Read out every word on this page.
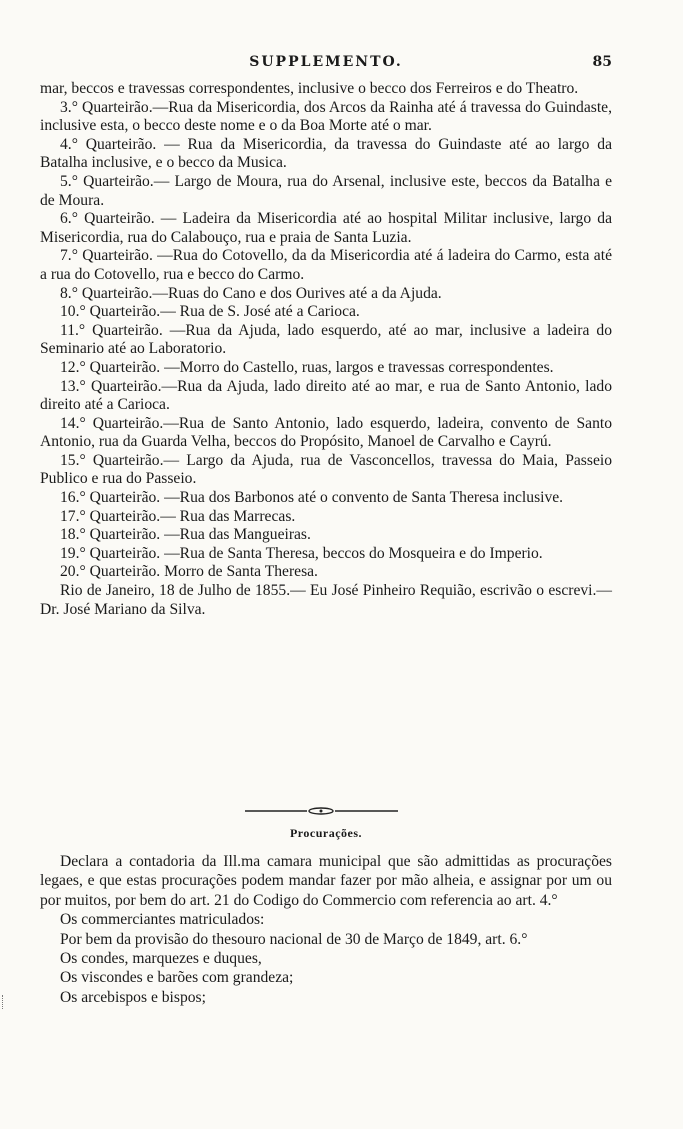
SUPPLEMENTO.	85

mar, beccos e travessas correspondentes, inclusive o becco dos Ferreiros e do Theatro.

3.° Quarteirão.—Rua da Misericordia, dos Arcos da Rainha até á travessa do Guindaste, inclusive esta, o becco deste nome e o da Boa Morte até o mar.

4.° Quarteirão. — Rua da Misericordia, da travessa do Guindaste até ao largo da Batalha inclusive, e o becco da Musica.

5.° Quarteirão.— Largo de Moura, rua do Arsenal, inclusive este, beccos da Batalha e de Moura.

6.° Quarteirão. — Ladeira da Misericordia até ao hospital Militar inclusive, largo da Misericordia, rua do Calabouço, rua e praia de Santa Luzia.

7.° Quarteirão. —Rua do Cotovello, da da Misericordia até á ladeira do Carmo, esta até a rua do Cotovello, rua e becco do Carmo.

8.° Quarteirão.—Ruas do Cano e dos Ourives até a da Ajuda.

10.° Quarteirão.— Rua de S. José até a Carioca.

11.° Quarteirão. —Rua da Ajuda, lado esquerdo, até ao mar, inclusive a ladeira do Seminario até ao Laboratorio.

12.° Quarteirão. —Morro do Castello, ruas, largos e travessas correspondentes.

13.° Quarteirão.—Rua da Ajuda, lado direito até ao mar, e rua de Santo Antonio, lado direito até a Carioca.

14.° Quarteirão.—Rua de Santo Antonio, lado esquerdo, ladeira, convento de Santo Antonio, rua da Guarda Velha, beccos do Propósito, Manoel de Carvalho e Cayrú.

15.° Quarteirão.— Largo da Ajuda, rua de Vasconcellos, travessa do Maia, Passeio Publico e rua do Passeio.

16.° Quarteirão. —Rua dos Barbonos até o convento de Santa Theresa inclusive.

17.° Quarteirão.— Rua das Marrecas.

18.° Quarteirão. —Rua das Mangueiras.

19.° Quarteirão. —Rua de Santa Theresa, beccos do Mosqueira e do Imperio.

20.° Quarteirão. Morro de Santa Theresa.

Rio de Janeiro, 18 de Julho de 1855.— Eu José Pinheiro Requião, escrivão o escrevi.— Dr. José Mariano da Silva.

Procurações.

Declara a contadoria da Ill.ma camara municipal que são admittidas as procurações legaes, e que estas procurações podem mandar fazer por mão alheia, e assignar por um ou por muitos, por bem do art. 21 do Codigo do Commercio com referencia ao art. 4.°

Os commerciantes matriculados:

Por bem da provisão do thesouro nacional de 30 de Março de 1849, art. 6.°

Os condes, marquezes e duques,

Os viscondes e barões com grandeza;

Os arcebispos e bispos;
